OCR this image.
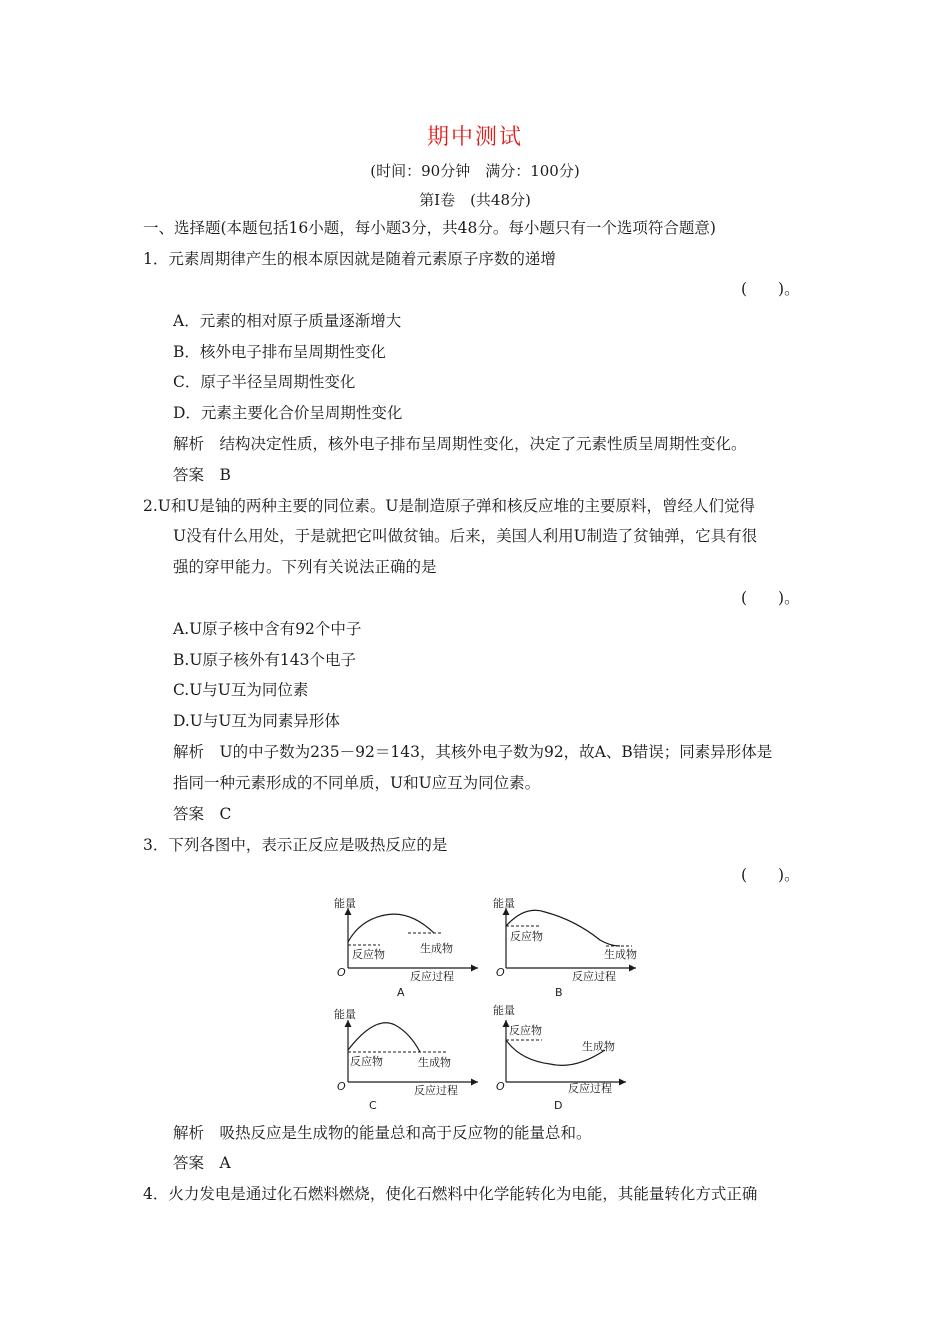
期中测试
(时间：90分钟　满分：100分)
第Ⅰ卷　(共48分)
一、选择题(本题包括16小题，每小题3分，共48分。每小题只有一个选项符合题意)
1．元素周期律产生的根本原因就是随着元素原子序数的递增
(　　)。
A．元素的相对原子质量逐渐增大
B．核外电子排布呈周期性变化
C．原子半径呈周期性变化
D．元素主要化合价呈周期性变化
解析　结构决定性质，核外电子排布呈周期性变化，决定了元素性质呈周期性变化。
答案　B
2.U和U是铀的两种主要的同位素。U是制造原子弹和核反应堆的主要原料，曾经人们觉得
U没有什么用处，于是就把它叫做贫铀。后来，美国人利用U制造了贫铀弹，它具有很
强的穿甲能力。下列有关说法正确的是
(　　)。
A.U原子核中含有92个中子
B.U原子核外有143个电子
C.U与U互为同位素
D.U与U互为同素异形体
解析　U的中子数为235－92＝143，其核外电子数为92，故A、B错误；同素异形体是
指同一种元素形成的不同单质，U和U应互为同位素。
答案　C
3．下列各图中，表示正反应是吸热反应的是
(　　)。
能量
反应物	生成物
O	反应过程
A
能量
反应物
生成物
O	反应过程
B
能量
反应物	生成物
O	反应过程
C
能量
反应物
生成物
O	反应过程
D
解析　吸热反应是生成物的能量总和高于反应物的能量总和。
答案　A
4．火力发电是通过化石燃料燃烧，使化石燃料中化学能转化为电能，其能量转化方式正确
